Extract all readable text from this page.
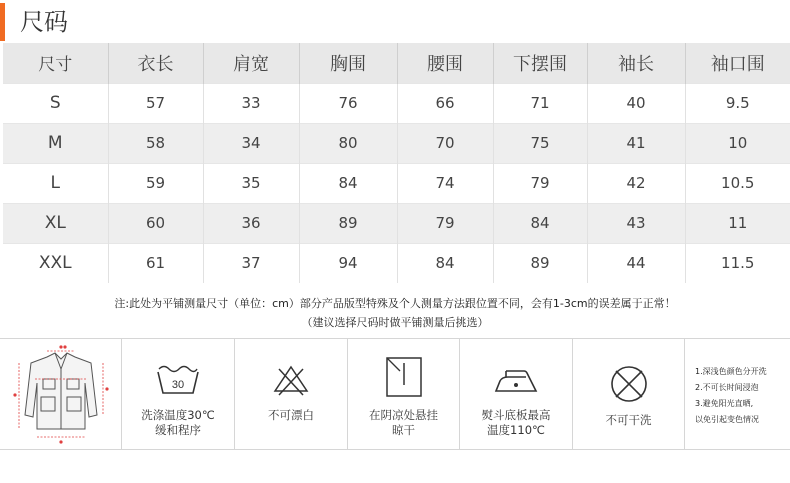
尺码
尺寸	衣长	肩宽	胸围	腰围	下摆围	袖长	袖口围
S	57	33	76	66	71	40	9.5
M	58	34	80	70	75	41	10
L	59	35	84	74	79	42	10.5
XL	60	36	89	79	84	43	11
XXL	61	37	94	84	89	44	11.5
注:此处为平铺测量尺寸（单位：cm）部分产品版型特殊及个人测量方法跟位置不同，会有1-3cm的误差属于正常！
（建议选择尺码时做平铺测量后挑选）
30
洗涤温度30℃
缓和程序
不可漂白	在阴凉处悬挂
晾干
熨斗底板最高
温度110℃
不可干洗
1.深浅色颜色分开洗
2.不可长时间浸泡
3.避免阳光直晒,
以免引起变色情况
